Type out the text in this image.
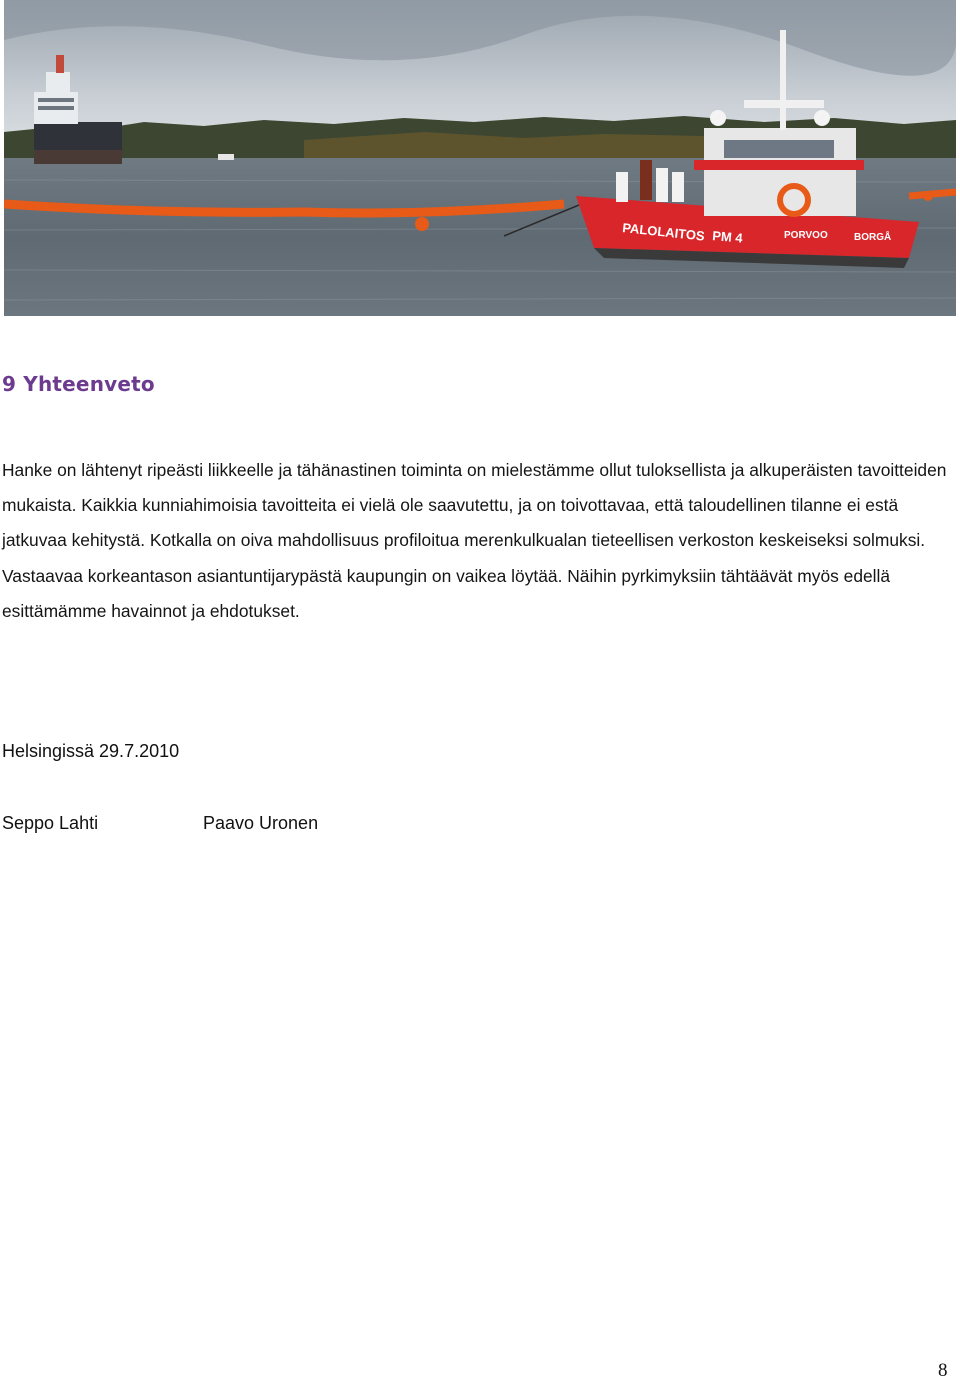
PALOLAITOS PM 4	PORVOO	BORGÅ
9 Yhteenveto

Hanke on lähtenyt ripeästi liikkeelle ja tähänastinen toiminta on mielestämme ollut tuloksellista ja alkuperäisten tavoitteiden mukaista. Kaikkia kunniahimoisia tavoitteita ei vielä ole saavutettu, ja on toivottavaa, että taloudellinen tilanne ei estä jatkuvaa kehitystä. Kotkalla on oiva mahdollisuus profiloitua merenkulkualan tieteellisen verkoston keskeiseksi solmuksi. Vastaavaa korkeantason asiantuntijarypästä kaupungin on vaikea löytää. Näihin pyrkimyksiin tähtäävät myös edellä esittämämme havainnot ja ehdotukset.

Helsingissä 29.7.2010

Seppo Lahti	Paavo Uronen
8
